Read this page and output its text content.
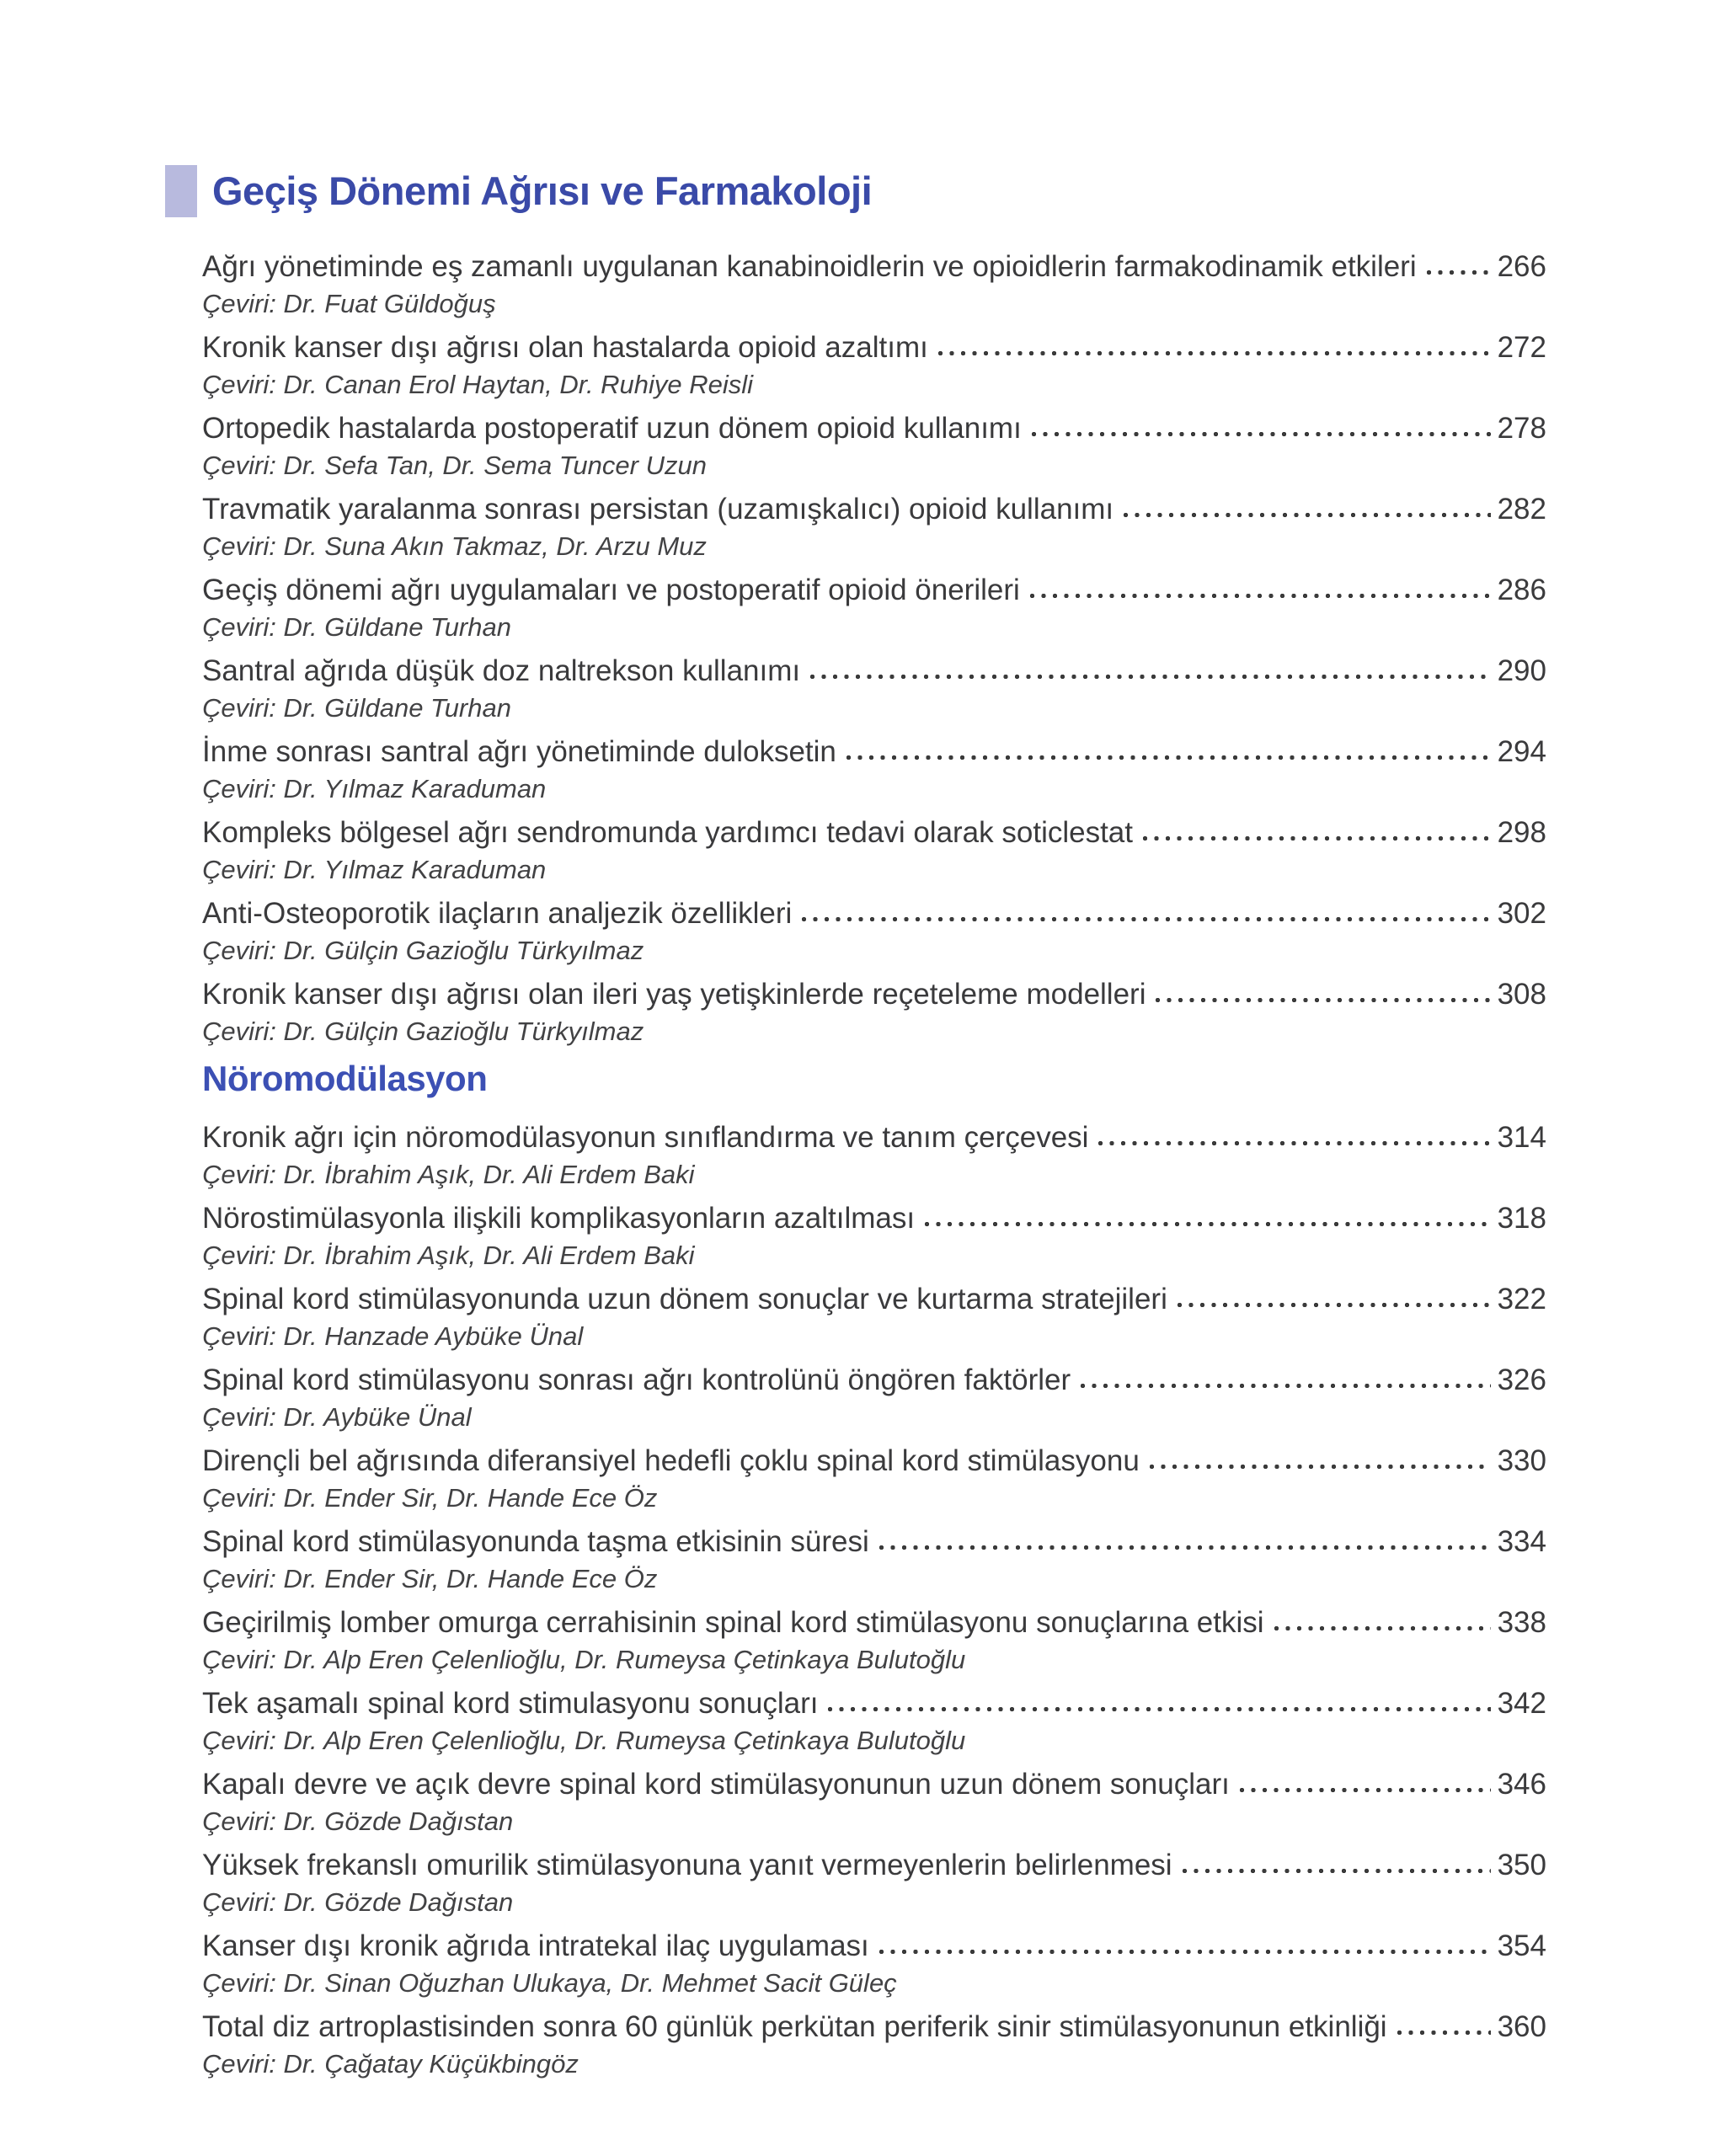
Geçiş Dönemi Ağrısı ve Farmakoloji
Ağrı yönetiminde eş zamanlı uygulanan kanabinoidlerin ve opioidlerin farmakodinamik etkileri	266
Çeviri: Dr. Fuat Güldoğuş
Kronik kanser dışı ağrısı olan hastalarda opioid azaltımı	272
Çeviri: Dr. Canan Erol Haytan, Dr. Ruhiye Reisli
Ortopedik hastalarda postoperatif uzun dönem opioid kullanımı	278
Çeviri: Dr. Sefa Tan, Dr. Sema Tuncer Uzun
Travmatik yaralanma sonrası persistan (uzamışkalıcı) opioid kullanımı	282
Çeviri: Dr. Suna Akın Takmaz, Dr. Arzu Muz
Geçiş dönemi ağrı uygulamaları ve postoperatif opioid önerileri	286
Çeviri: Dr. Güldane Turhan
Santral ağrıda düşük doz naltrekson kullanımı	290
Çeviri: Dr. Güldane Turhan
İnme sonrası santral ağrı yönetiminde duloksetin	294
Çeviri: Dr. Yılmaz Karaduman
Kompleks bölgesel ağrı sendromunda yardımcı tedavi olarak soticlestat	298
Çeviri: Dr. Yılmaz Karaduman
Anti-Osteoporotik ilaçların analjezik özellikleri	302
Çeviri: Dr. Gülçin Gazioğlu Türkyılmaz
Kronik kanser dışı ağrısı olan ileri yaş yetişkinlerde reçeteleme modelleri	308
Çeviri: Dr. Gülçin Gazioğlu Türkyılmaz
Nöromodülasyon
Kronik ağrı için nöromodülasyonun sınıflandırma ve tanım çerçevesi	314
Çeviri: Dr. İbrahim Aşık, Dr. Ali Erdem Baki
Nörostimülasyonla ilişkili komplikasyonların azaltılması	318
Çeviri: Dr. İbrahim Aşık, Dr. Ali Erdem Baki
Spinal kord stimülasyonunda uzun dönem sonuçlar ve kurtarma stratejileri	322
Çeviri: Dr. Hanzade Aybüke Ünal
Spinal kord stimülasyonu sonrası ağrı kontrolünü öngören faktörler	326
Çeviri: Dr. Aybüke Ünal
Dirençli bel ağrısında diferansiyel hedefli çoklu spinal kord stimülasyonu	330
Çeviri: Dr. Ender Sir, Dr. Hande Ece Öz
Spinal kord stimülasyonunda taşma etkisinin süresi	334
Çeviri: Dr. Ender Sir, Dr. Hande Ece Öz
Geçirilmiş lomber omurga cerrahisinin spinal kord stimülasyonu sonuçlarına etkisi	338
Çeviri: Dr. Alp Eren Çelenlioğlu, Dr. Rumeysa Çetinkaya Bulutoğlu
Tek aşamalı spinal kord stimulasyonu sonuçları	342
Çeviri: Dr. Alp Eren Çelenlioğlu, Dr. Rumeysa Çetinkaya Bulutoğlu
Kapalı devre ve açık devre spinal kord stimülasyonunun uzun dönem sonuçları	346
Çeviri: Dr. Gözde Dağıstan
Yüksek frekanslı omurilik stimülasyonuna yanıt vermeyenlerin belirlenmesi	350
Çeviri: Dr. Gözde Dağıstan
Kanser dışı kronik ağrıda intratekal ilaç uygulaması	354
Çeviri: Dr. Sinan Oğuzhan Ulukaya, Dr. Mehmet Sacit Güleç
Total diz artroplastisinden sonra 60 günlük perkütan periferik sinir stimülasyonunun etkinliği	360
Çeviri: Dr. Çağatay Küçükbingöz
